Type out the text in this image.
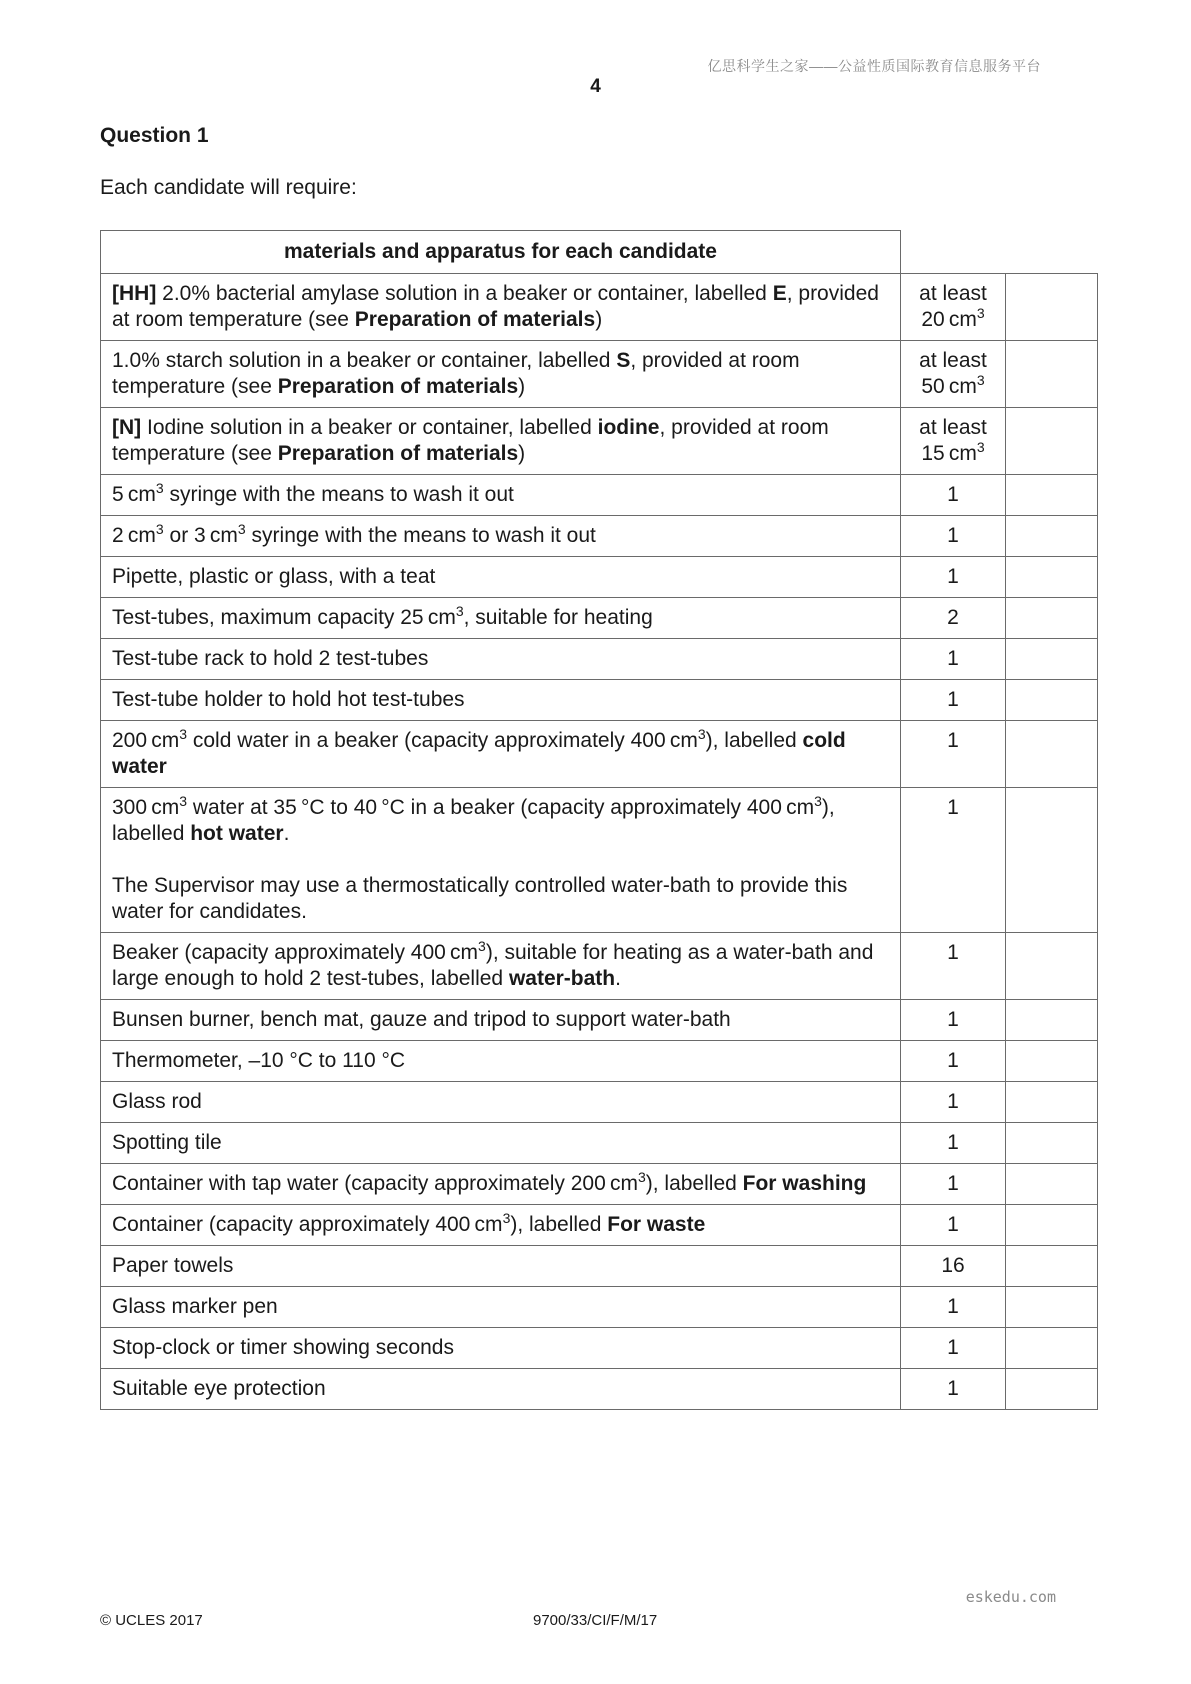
亿思科学生之家——公益性质国际教育信息服务平台
4
Question 1
Each candidate will require:
materials and apparatus for each candidate		
[HH] 2.0% bacterial amylase solution in a beaker or container, labelled E, provided at room temperature (see Preparation of materials)	at least
20 $cm^3$	
1.0% starch solution in a beaker or container, labelled S, provided at room temperature (see Preparation of materials)	at least
50 $cm^3$	
[N] Iodine solution in a beaker or container, labelled iodine, provided at room temperature (see Preparation of materials)	at least
15 $cm^3$	
5 $cm^3$ syringe with the means to wash it out	1	
2 $cm^3$ or 3 $cm^3$ syringe with the means to wash it out	1	
Pipette, plastic or glass, with a teat	1	
Test-tubes, maximum capacity 25 $cm^3$, suitable for heating	2	
Test-tube rack to hold 2 test-tubes	1	
Test-tube holder to hold hot test-tubes	1	
200 $cm^3$ cold water in a beaker (capacity approximately 400 $cm^3$), labelled cold water	1	

300 $cm^3$ water at 35 °C to 40 °C in a beaker (capacity approximately 400 $cm^3$), labelled hot water.

The Supervisor may use a thermostatically controlled water-bath to provide this water for candidates.	1	
Beaker (capacity approximately 400 $cm^3$), suitable for heating as a water-bath and large enough to hold 2 test-tubes, labelled water-bath.	1	
Bunsen burner, bench mat, gauze and tripod to support water-bath	1	
Thermometer, –10 °C to 110 °C	1	
Glass rod	1	
Spotting tile	1	
Container with tap water (capacity approximately 200 $cm^3$), labelled For washing	1	
Container (capacity approximately 400 $cm^3$), labelled For waste	1	
Paper towels	16	
Glass marker pen	1	
Stop-clock or timer showing seconds	1	
Suitable eye protection	1	
eskedu.com
© UCLES 2017	9700/33/CI/F/M/17
